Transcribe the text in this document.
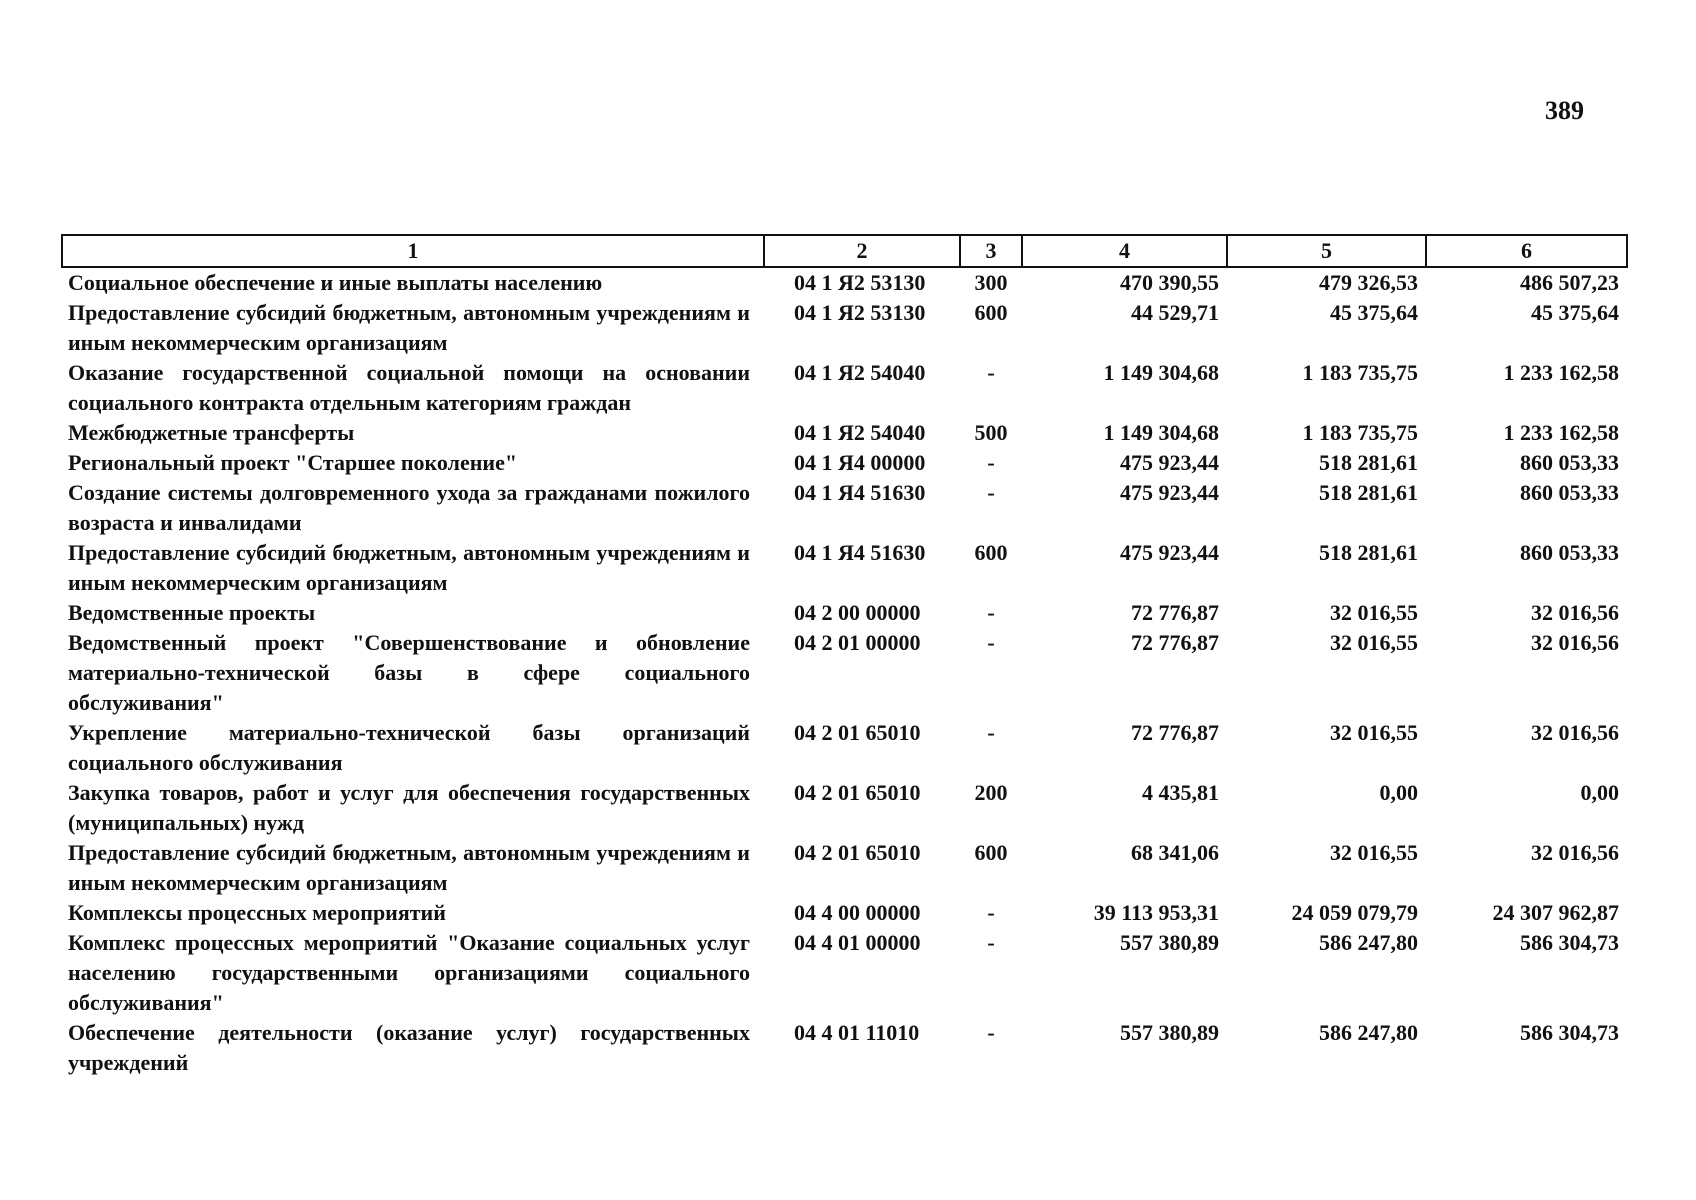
389
1	2	3	4	5	6
Социальное обеспечение и иные выплаты населению	04 1 Я2 53130	300	470 390,55	479 326,53	486 507,23
Предоставление субсидий бюджетным, автономным учреждениям и иным некоммерческим организациям	04 1 Я2 53130	600	44 529,71	45 375,64	45 375,64
Оказание государственной социальной помощи на основании социального контракта отдельным категориям граждан	04 1 Я2 54040	-	1 149 304,68	1 183 735,75	1 233 162,58
Межбюджетные трансферты	04 1 Я2 54040	500	1 149 304,68	1 183 735,75	1 233 162,58
Региональный проект "Старшее поколение"	04 1 Я4 00000	-	475 923,44	518 281,61	860 053,33
Создание системы долговременного ухода за гражданами пожилого возраста и инвалидами	04 1 Я4 51630	-	475 923,44	518 281,61	860 053,33
Предоставление субсидий бюджетным, автономным учреждениям и иным некоммерческим организациям	04 1 Я4 51630	600	475 923,44	518 281,61	860 053,33
Ведомственные проекты	04 2 00 00000	-	72 776,87	32 016,55	32 016,56
Ведомственный проект "Совершенствование и обновление материально-технической базы в сфере социального обслуживания"	04 2 01 00000	-	72 776,87	32 016,55	32 016,56
Укрепление материально-технической базы организаций социального обслуживания	04 2 01 65010	-	72 776,87	32 016,55	32 016,56
Закупка товаров, работ и услуг для обеспечения государственных (муниципальных) нужд	04 2 01 65010	200	4 435,81	0,00	0,00
Предоставление субсидий бюджетным, автономным учреждениям и иным некоммерческим организациям	04 2 01 65010	600	68 341,06	32 016,55	32 016,56
Комплексы процессных мероприятий	04 4 00 00000	-	39 113 953,31	24 059 079,79	24 307 962,87
Комплекс процессных мероприятий "Оказание социальных услуг населению государственными организациями социального обслуживания"	04 4 01 00000	-	557 380,89	586 247,80	586 304,73
Обеспечение деятельности (оказание услуг) государственных учреждений	04 4 01 11010	-	557 380,89	586 247,80	586 304,73
